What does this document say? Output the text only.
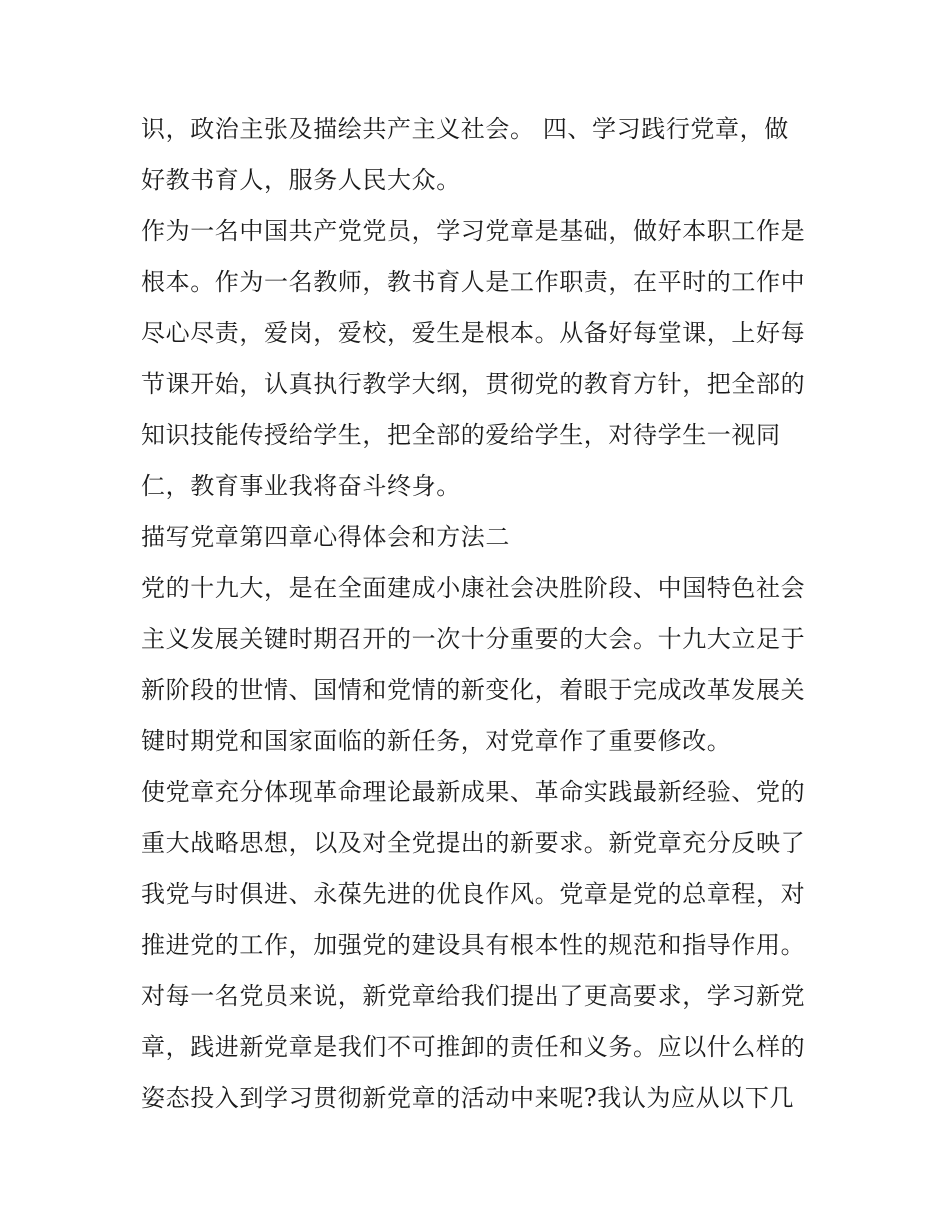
识，政治主张及描绘共产主义社会。 四、学习践行党章，做
好教书育人，服务人民大众。
作为一名中国共产党党员，学习党章是基础，做好本职工作是
根本。作为一名教师，教书育人是工作职责，在平时的工作中
尽心尽责，爱岗，爱校，爱生是根本。从备好每堂课，上好每
节课开始，认真执行教学大纲，贯彻党的教育方针，把全部的
知识技能传授给学生，把全部的爱给学生，对待学生一视同
仁，教育事业我将奋斗终身。
描写党章第四章心得体会和方法二
党的十九大，是在全面建成小康社会决胜阶段、中国特色社会
主义发展关键时期召开的一次十分重要的大会。十九大立足于
新阶段的世情、国情和党情的新变化，着眼于完成改革发展关
键时期党和国家面临的新任务，对党章作了重要修改。
使党章充分体现革命理论最新成果、革命实践最新经验、党的
重大战略思想，以及对全党提出的新要求。新党章充分反映了
我党与时俱进、永葆先进的优良作风。党章是党的总章程，对
推进党的工作，加强党的建设具有根本性的规范和指导作用。
对每一名党员来说，新党章给我们提出了更高要求，学习新党
章，践进新党章是我们不可推卸的责任和义务。应以什么样的
姿态投入到学习贯彻新党章的活动中来呢?我认为应从以下几
